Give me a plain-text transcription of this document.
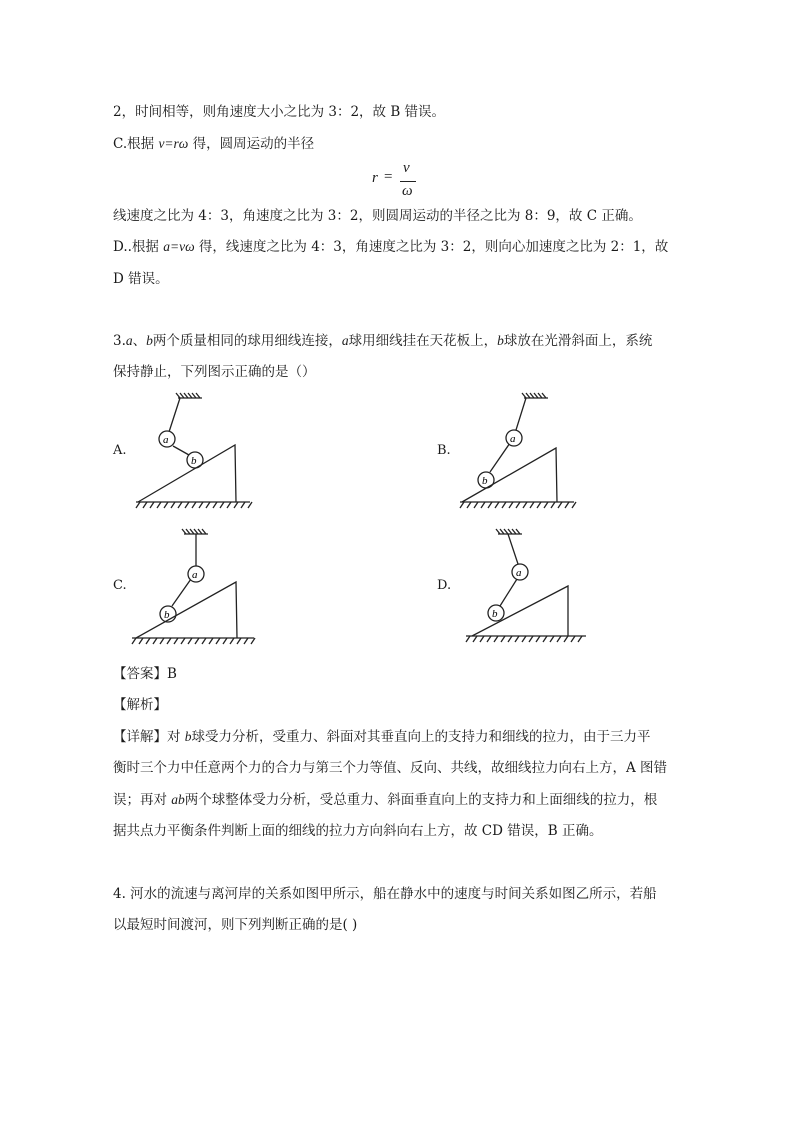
2，时间相等，则角速度大小之比为 3：2，故 B 错误。
C.根据 v=rω 得，圆周运动的半径
r =
v
ω
线速度之比为 4：3，角速度之比为 3：2，则圆周运动的半径之比为 8：9，故 C 正确。
D..根据 a=vω 得，线速度之比为 4：3，角速度之比为 3：2，则向心加速度之比为 2：1，故
D 错误。
3.a、b两个质量相同的球用细线连接，a球用细线挂在天花板上，b球放在光滑斜面上，系统
保持静止，下列图示正确的是（）
A.	B.
C.	D.
a
b
a
b
a
b
a
b
【答案】B
【解析】
【详解】对 b球受力分析，受重力、斜面对其垂直向上的支持力和细线的拉力，由于三力平
衡时三个力中任意两个力的合力与第三个力等值、反向、共线，故细线拉力向右上方，A 图错
误；再对 ab两个球整体受力分析，受总重力、斜面垂直向上的支持力和上面细线的拉力，根
据共点力平衡条件判断上面的细线的拉力方向斜向右上方，故 CD 错误，B 正确。
4. 河水的流速与离河岸的关系如图甲所示，船在静水中的速度与时间关系如图乙所示，若船
以最短时间渡河，则下列判断正确的是( )
